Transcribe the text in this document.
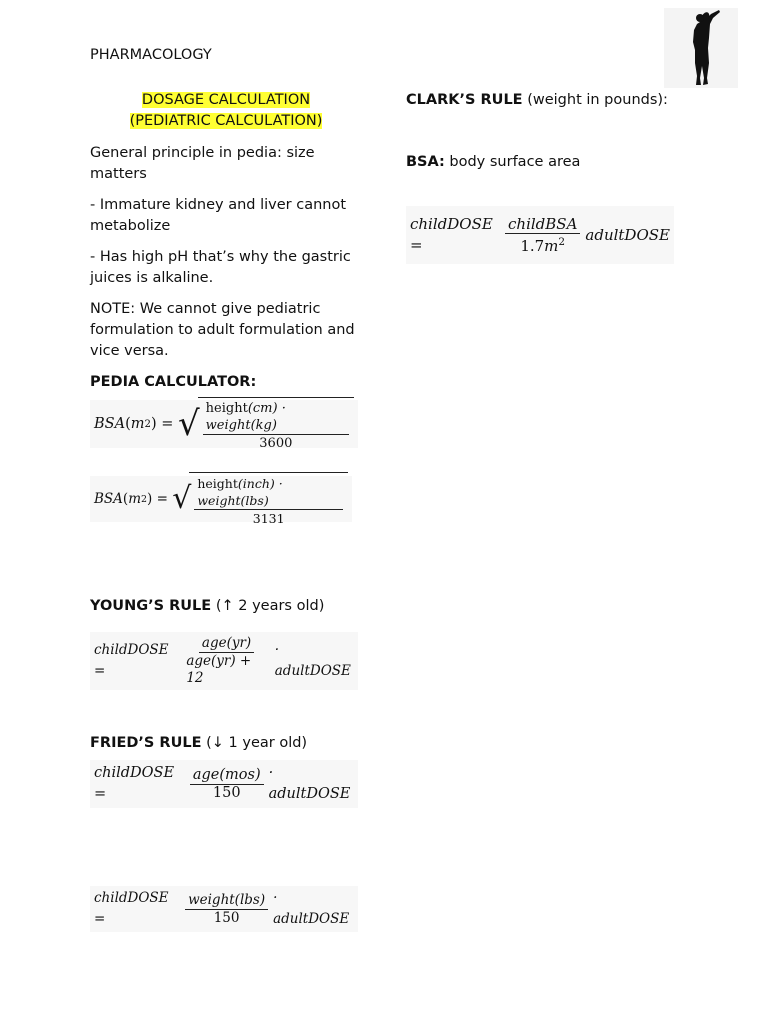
PHARMACOLOGY
DOSAGE CALCULATION
(PEDIATRIC CALCULATION)

General principle in pedia: size matters

- Immature kidney and liver cannot metabolize

- Has high pH that’s why the gastric juices is alkaline.

NOTE: We cannot give pediatric formulation to adult formulation and vice versa.

PEDIA CALCULATOR:

BSA ( m 2 ) = √ $\frac{\text{height(cm) · weight(kg)}}{3600}$
BSA ( m 2 ) = √ $\frac{\text{height(inch) · weight(lbs)}}{3131}$
YOUNG’S RULE (↑ 2 years old)
childDOSE =	$\frac{\text{age(yr)}}{\text{age(yr) + 12}}$ · adultDOSE
FRIED’S RULE (↓ 1 year old)
childDOSE =	$\frac{\text{age(mos)}}{150}$ · adultDOSE
childDOSE =	$\frac{\text{weight(lbs)}}{150}$ · adultDOSE

CLARK’S RULE (weight in pounds):

BSA: body surface area

childDOSE =	$\frac{\text{childBSA}}{1.7m^2}$ adultDOSE
